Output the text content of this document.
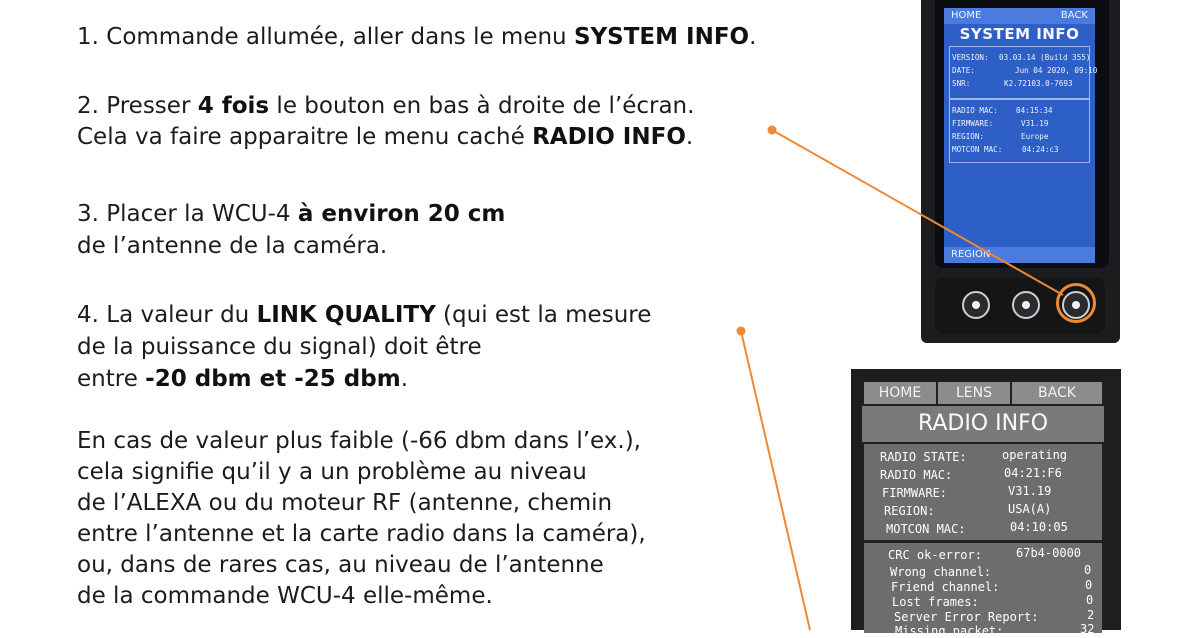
1. Commande allumée, aller dans le menu SYSTEM INFO.

2. Presser 4 fois le bouton en bas à droite de l’écran.

Cela va faire apparaitre le menu caché RADIO INFO.

3. Placer la WCU-4 à environ 20 cm

de l’antenne de la caméra.

4. La valeur du LINK QUALITY (qui est la mesure

de la puissance du signal) doit être

entre -20 dbm et -25 dbm.

En cas de valeur plus faible (-66 dbm dans l’ex.),

cela signifie qu’il y a un problème au niveau

de l’ALEXA ou du moteur RF (antenne, chemin

entre l’antenne et la carte radio dans la caméra),

ou, dans de rares cas, au niveau de l’antenne

de la commande WCU-4 elle-même.

HOME	BACK
SYSTEM INFO
VERSION: 03.03.14 (Build 355)
DATE:	Jun 04 2020, 09:10
SNR:	K2.72103.0-7693
RADIO MAC: 04:15:34
FIRMWARE:	V31.19
REGION:	Europe
MOTCON MAC:	04:24:c3
REGION
HOME	LENS	BACK
RADIO INFO
RADIO STATE:	operating
RADIO MAC:	04:21:F6
FIRMWARE:	V31.19
REGION:	USA(A)
MOTCON MAC:	04:10:05
CRC ok-error:	67b4-0000
Wrong channel:	0
Friend channel:	0
Lost frames:	0
Server Error Report:	2
Missing packet:	32
